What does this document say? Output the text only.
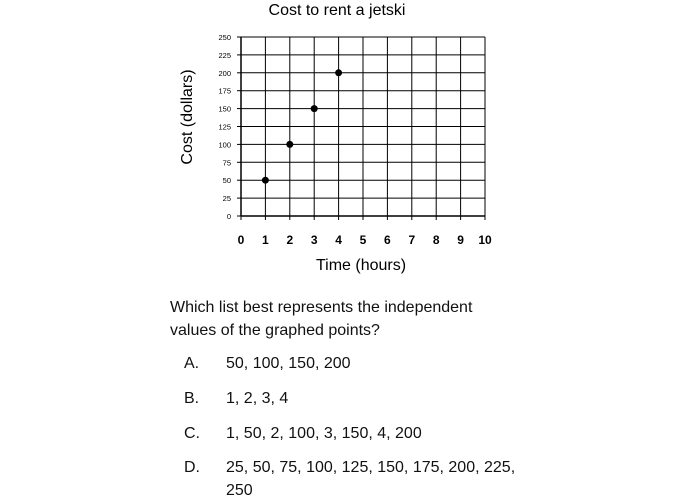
Cost to rent a jetski
0
25
50
75
100
125
150
175
200
225
250
0 1 2 3 4 5 6 7 8 9 10
Time (hours)
Cost (dollars)
Which list best represents the independent values of the graphed points?
A.	50, 100, 150, 200
B.	1, 2, 3, 4
C.	1, 50, 2, 100, 3, 150, 4, 200
D.	25, 50, 75, 100, 125, 150, 175, 200, 225, 250
